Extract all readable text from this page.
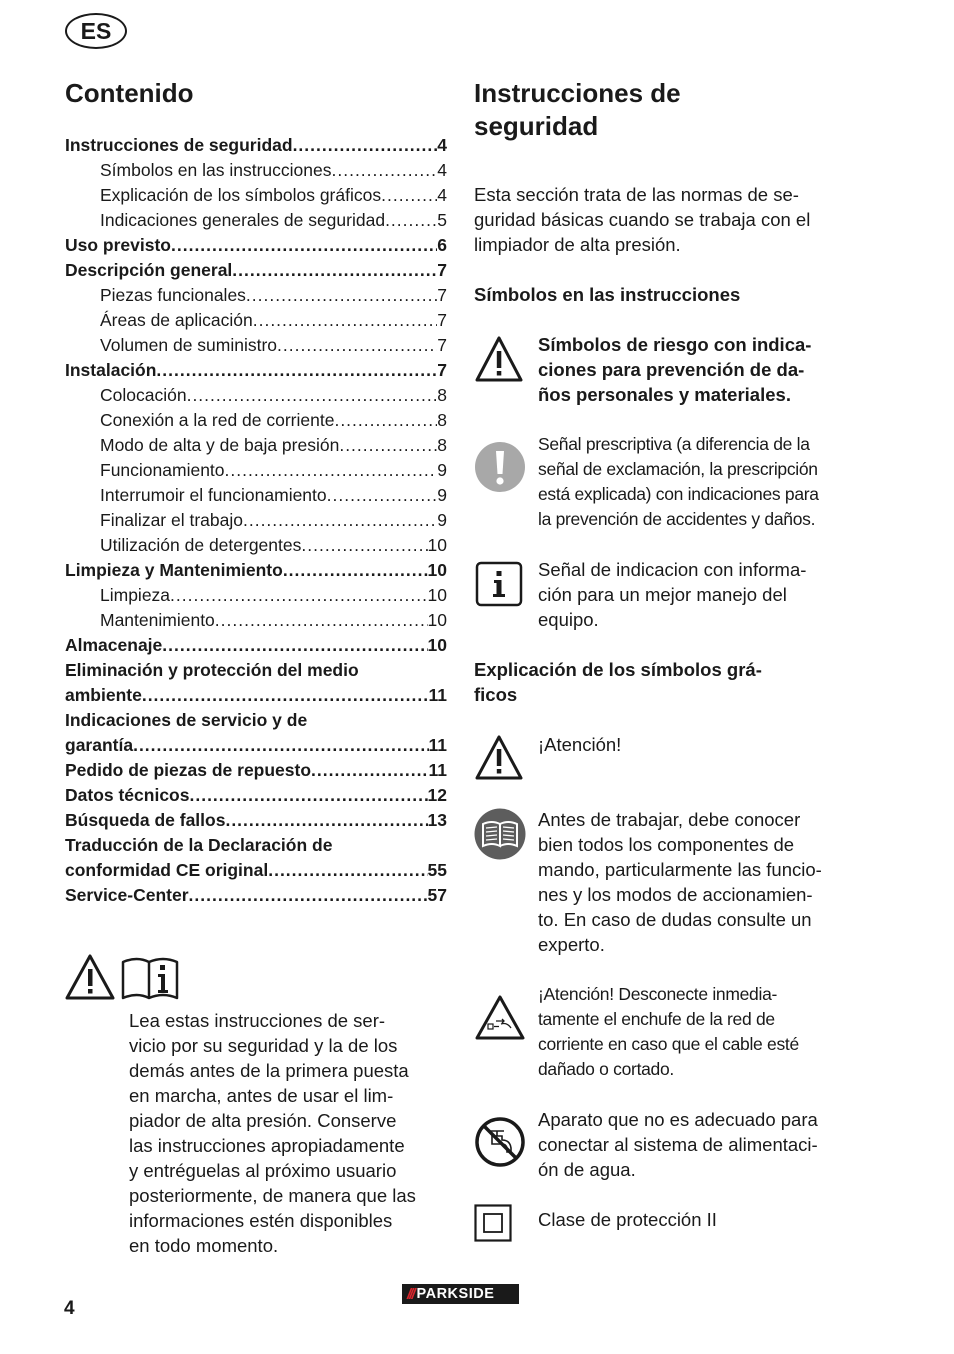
ES
Contenido
Instrucciones de seguridad .....	4
Símbolos en las instrucciones .....	4
Explicación de los símbolos gráficos .....	4
Indicaciones generales de seguridad .....	5
Uso previsto .....	6
Descripción general .....	7
Piezas funcionales .....	7
Áreas de aplicación .....	7
Volumen de suministro .....	7
Instalación .....	7
Colocación .....	8
Conexión a la red de corriente .....	8
Modo de alta y de baja presión .....	8
Funcionamiento .....	9
Interrumoir el funcionamiento .....	9
Finalizar el trabajo .....	9
Utilización de detergentes .....	10
Limpieza y Mantenimiento .....	10
Limpieza .....	10
Mantenimiento .....	10
Almacenaje .....	10
Eliminación y protección del medio
ambiente .....	11
Indicaciones de servicio y de
garantía .....	11
Pedido de piezas de repuesto .....	11
Datos técnicos .....	12
Búsqueda de fallos .....	13
Traducción de la Declaración de
conformidad CE original .....	55
Service-Center .....	57
Lea estas instrucciones de ser-
vicio por su seguridad y la de los
demás antes de la primera puesta
en marcha, antes de usar el lim-
piador de alta presión. Conserve
las instrucciones apropiadamente
y entréguelas al próximo usuario
posteriormente, de manera que las
informaciones estén disponibles
en todo momento.
Instrucciones de
seguridad
Esta sección trata de las normas de se-
guridad básicas cuando se trabaja con el
limpiador de alta presión.
Símbolos en las instrucciones
Símbolos de riesgo con indica-
ciones para prevención de da-
ños personales y materiales.
Señal prescriptiva (a diferencia de la
señal de exclamación, la prescripción
está explicada) con indicaciones para
la prevención de accidentes y daños.
Señal de indicacion con informa-
ción para un mejor manejo del
equipo.
Explicación de los símbolos grá-
ficos
¡Atención!
Antes de trabajar, debe conocer
bien todos los componentes de
mando, particularmente las funcio-
nes y los modos de accionamien-
to. En caso de dudas consulte un
experto.
¡Atención! Desconecte inmedia-
tamente el enchufe de la red de
corriente en caso que el cable esté
dañado o cortado.
Aparato que no es adecuado para
conectar al sistema de alimentaci-
ón de agua.
Clase de protección II
4
/// PARKSIDE
